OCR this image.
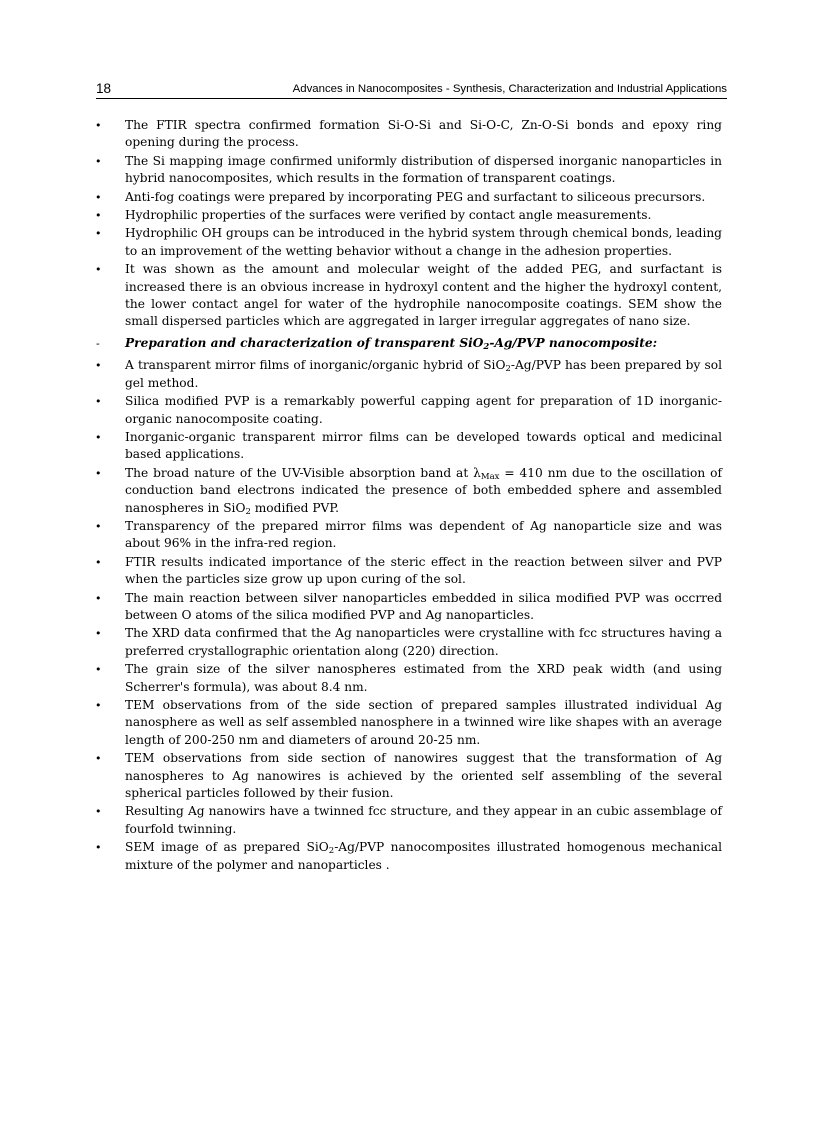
18	Advances in Nanocomposites - Synthesis, Characterization and Industrial Applications
• The FTIR spectra confirmed formation Si-O-Si and Si-O-C, Zn-O-Si bonds and epoxy ring opening during the process.
• The Si mapping image confirmed uniformly distribution of dispersed inorganic nanoparticles in hybrid nanocomposites, which results in the formation of transparent coatings.
• Anti-fog coatings were prepared by incorporating PEG and surfactant to siliceous precursors.
• Hydrophilic properties of the surfaces were verified by contact angle measurements.
• Hydrophilic OH groups can be introduced in the hybrid system through chemical bonds, leading to an improvement of the wetting behavior without a change in the adhesion properties.
• It was shown as the amount and molecular weight of the added PEG, and surfactant is increased there is an obvious increase in hydroxyl content and the higher the hydroxyl content, the lower contact angel for water of the hydrophile nanocomposite coatings. SEM show the small dispersed particles which are aggregated in larger irregular aggregates of nano size.
- Preparation and characterization of transparent SiO$_2$-Ag/PVP nanocomposite:
• A transparent mirror films of inorganic/organic hybrid of SiO$_2$-Ag/PVP has been prepared by sol gel method.
• Silica modified PVP is a remarkably powerful capping agent for preparation of 1D inorganic-organic nanocomposite coating.
• Inorganic-organic transparent mirror films can be developed towards optical and medicinal based applications.
• The broad nature of the UV-Visible absorption band at $\lambda_{Max} = 410$ nm due to the oscillation of conduction band electrons indicated the presence of both embedded sphere and assembled nanospheres in SiO$_2$ modified PVP.
• Transparency of the prepared mirror films was dependent of Ag nanoparticle size and was about 96% in the infra-red region.
• FTIR results indicated importance of the steric effect in the reaction between silver and PVP when the particles size grow up upon curing of the sol.
• The main reaction between silver nanoparticles embedded in silica modified PVP was occrred between O atoms of the silica modified PVP and Ag nanoparticles.
• The XRD data confirmed that the Ag nanoparticles were crystalline with fcc structures having a preferred crystallographic orientation along (220) direction.
• The grain size of the silver nanospheres estimated from the XRD peak width (and using Scherrer's formula), was about 8.4 nm.
• TEM observations from of the side section of prepared samples illustrated individual Ag nanosphere as well as self assembled nanosphere in a twinned wire like shapes with an average length of 200-250 nm and diameters of around 20-25 nm.
• TEM observations from side section of nanowires suggest that the transformation of Ag nanospheres to Ag nanowires is achieved by the oriented self assembling of the several spherical particles followed by their fusion.
• Resulting Ag nanowirs have a twinned fcc structure, and they appear in an cubic assemblage of fourfold twinning.
• SEM image of as prepared SiO$_2$-Ag/PVP nanocomposites illustrated homogenous mechanical mixture of the polymer and nanoparticles .
